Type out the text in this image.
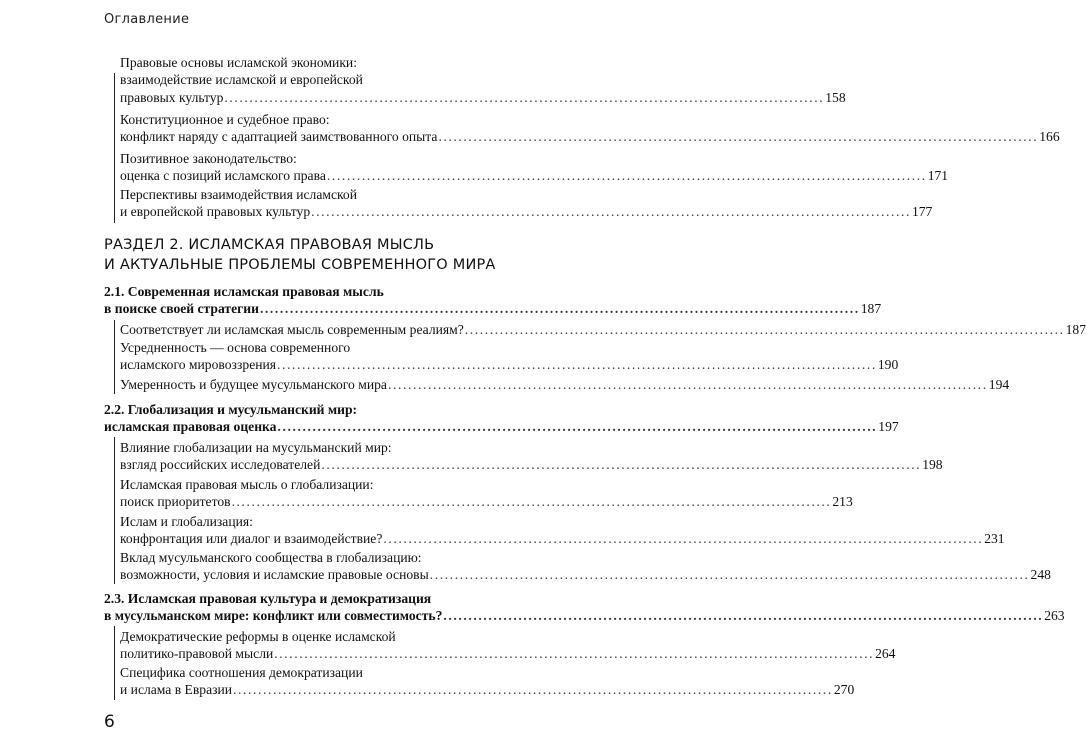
Оглавление
Правовые основы исламской экономики:
взаимодействие исламской и европейской
правовых культур ........................................................................................................................ 158
Конституционное и судебное право:
конфликт наряду с адаптацией заимствованного опыта ........................................................................................................................ 166
Позитивное законодательство:
оценка с позиций исламского права ........................................................................................................................ 171
Перспективы взаимодействия исламской
и европейской правовых культур ........................................................................................................................ 177
РАЗДЕЛ 2. ИСЛАМСКАЯ ПРАВОВАЯ МЫСЛЬ
И АКТУАЛЬНЫЕ ПРОБЛЕМЫ СОВРЕМЕННОГО МИРА
2.1. Современная исламская правовая мысль
в поиске своей стратегии ........................................................................................................................ 187
Соответствует ли исламская мысль современным реалиям? ........................................................................................................................ 187
Усредненность — основа современного
исламского мировоззрения ........................................................................................................................ 190
Умеренность и будущее мусульманского мира ........................................................................................................................ 194
2.2. Глобализация и мусульманский мир:
исламская правовая оценка ........................................................................................................................ 197
Влияние глобализации на мусульманский мир:
взгляд российских исследователей ........................................................................................................................ 198
Исламская правовая мысль о глобализации:
поиск приоритетов ........................................................................................................................ 213
Ислам и глобализация:
конфронтация или диалог и взаимодействие? ........................................................................................................................ 231
Вклад мусульманского сообщества в глобализацию:
возможности, условия и исламские правовые основы ........................................................................................................................ 248
2.3. Исламская правовая культура и демократизация
в мусульманском мире: конфликт или совместимость? ........................................................................................................................ 263
Демократические реформы в оценке исламской
политико-правовой мысли ........................................................................................................................ 264
Специфика соотношения демократизации
и ислама в Евразии ........................................................................................................................ 270
6
